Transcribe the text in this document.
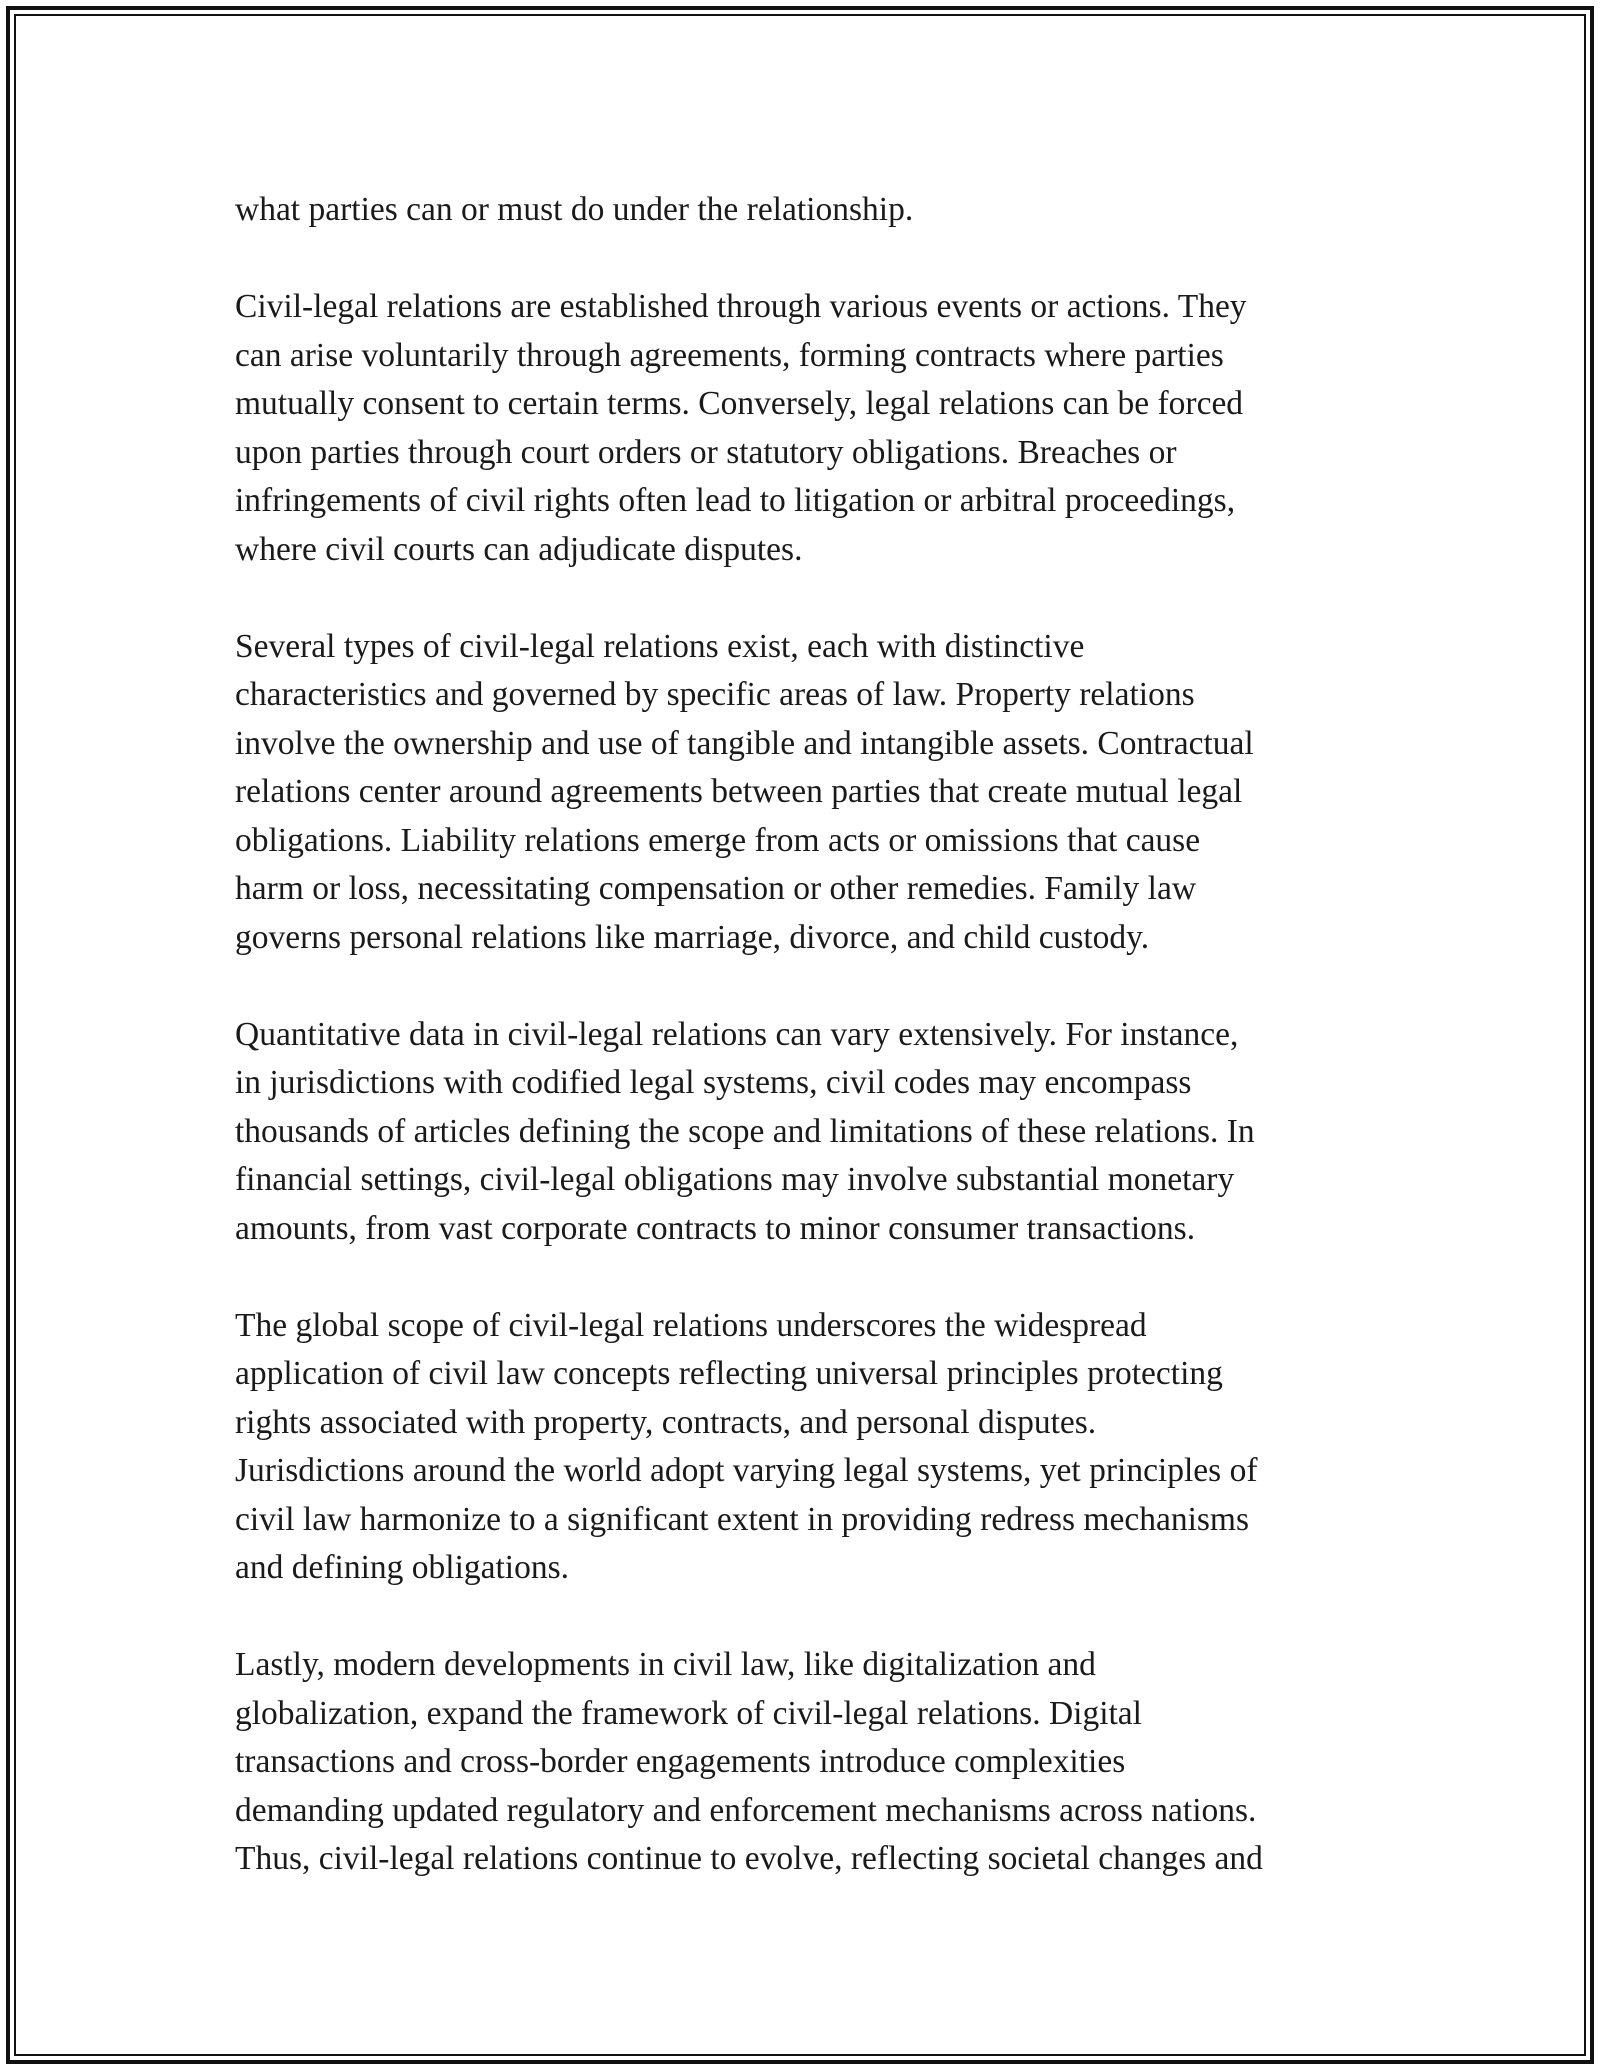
what parties can or must do under the relationship.

Civil-legal relations are established through various events or actions. They
can arise voluntarily through agreements, forming contracts where parties
mutually consent to certain terms. Conversely, legal relations can be forced
upon parties through court orders or statutory obligations. Breaches or
infringements of civil rights often lead to litigation or arbitral proceedings,
where civil courts can adjudicate disputes.

Several types of civil-legal relations exist, each with distinctive
characteristics and governed by specific areas of law. Property relations
involve the ownership and use of tangible and intangible assets. Contractual
relations center around agreements between parties that create mutual legal
obligations. Liability relations emerge from acts or omissions that cause
harm or loss, necessitating compensation or other remedies. Family law
governs personal relations like marriage, divorce, and child custody.

Quantitative data in civil-legal relations can vary extensively. For instance,
in jurisdictions with codified legal systems, civil codes may encompass
thousands of articles defining the scope and limitations of these relations. In
financial settings, civil-legal obligations may involve substantial monetary
amounts, from vast corporate contracts to minor consumer transactions.

The global scope of civil-legal relations underscores the widespread
application of civil law concepts reflecting universal principles protecting
rights associated with property, contracts, and personal disputes.
Jurisdictions around the world adopt varying legal systems, yet principles of
civil law harmonize to a significant extent in providing redress mechanisms
and defining obligations.

Lastly, modern developments in civil law, like digitalization and
globalization, expand the framework of civil-legal relations. Digital
transactions and cross-border engagements introduce complexities
demanding updated regulatory and enforcement mechanisms across nations.
Thus, civil-legal relations continue to evolve, reflecting societal changes and
